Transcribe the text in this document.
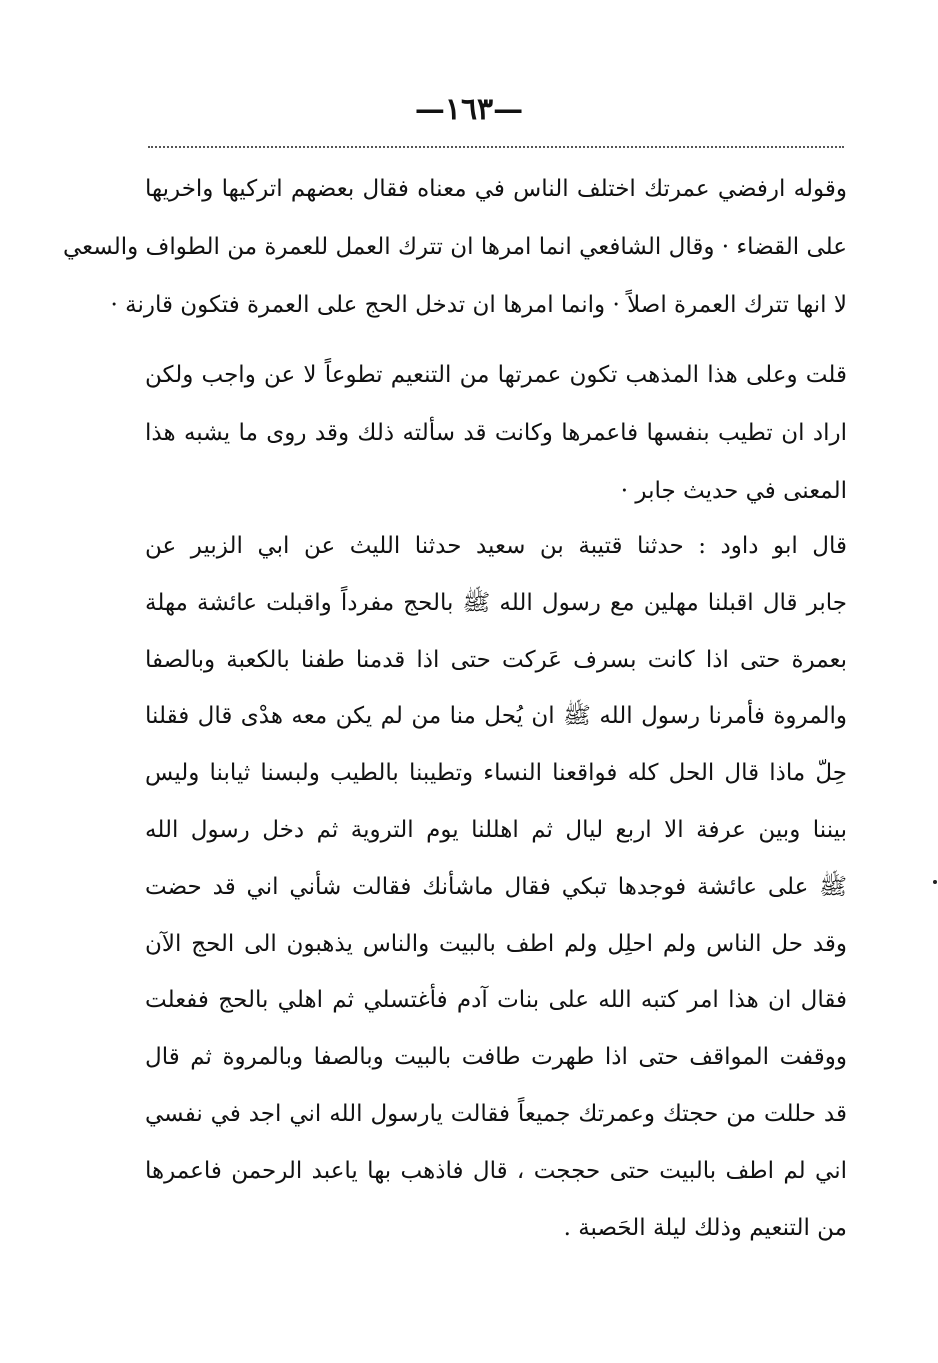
—١٦٣—
وقوله ارفضي عمرتك اختلف الناس في معناه فقال بعضهم اتركيها واخريها
على القضاء · وقال الشافعي انما امرها ان تترك العمل للعمرة من الطواف والسعي
لا انها تترك العمرة اصلاً · وانما امرها ان تدخل الحج على العمرة فتكون قارنة ·
قلت وعلى هذا المذهب تكون عمرتها من التنعيم تطوعاً لا عن واجب ولكن
اراد ان تطيب بنفسها فاعمرها وكانت قد سألته ذلك وقد روى ما يشبه هذا
المعنى في حديث جابر ·
قال ابو داود : حدثنا قتيبة بن سعيد حدثنا الليث عن ابي الزبير عن
جابر قال اقبلنا مهلين مع رسول الله ﷺ بالحج مفرداً واقبلت عائشة مهلة
بعمرة حتى اذا كانت بسرف عَركت حتى اذا قدمنا طفنا بالكعبة وبالصفا
والمروة فأمرنا رسول الله ﷺ ان يُحل منا من لم يكن معه هدْى قال فقلنا
حِلّ ماذا قال الحل كله فواقعنا النساء وتطيبنا بالطيب ولبسنا ثيابنا وليس
بيننا وبين عرفة الا اربع ليال ثم اهللنا يوم التروية ثم دخل رسول الله
ﷺ على عائشة فوجدها تبكي فقال ماشأنك فقالت شأني اني قد حضت
وقد حل الناس ولم احلِل ولم اطف بالبيت والناس يذهبون الى الحج الآن
فقال ان هذا امر كتبه الله على بنات آدم فأغتسلي ثم اهلي بالحج ففعلت
ووقفت المواقف حتى اذا طهرت طافت بالبيت وبالصفا وبالمروة ثم قال
قد حللت من حجتك وعمرتك جميعاً فقالت يارسول الله اني اجد في نفسي
اني لم اطف بالبيت حتى حججت ، قال فاذهب بها ياعبد الرحمن فاعمرها
من التنعيم وذلك ليلة الحَصبة .
